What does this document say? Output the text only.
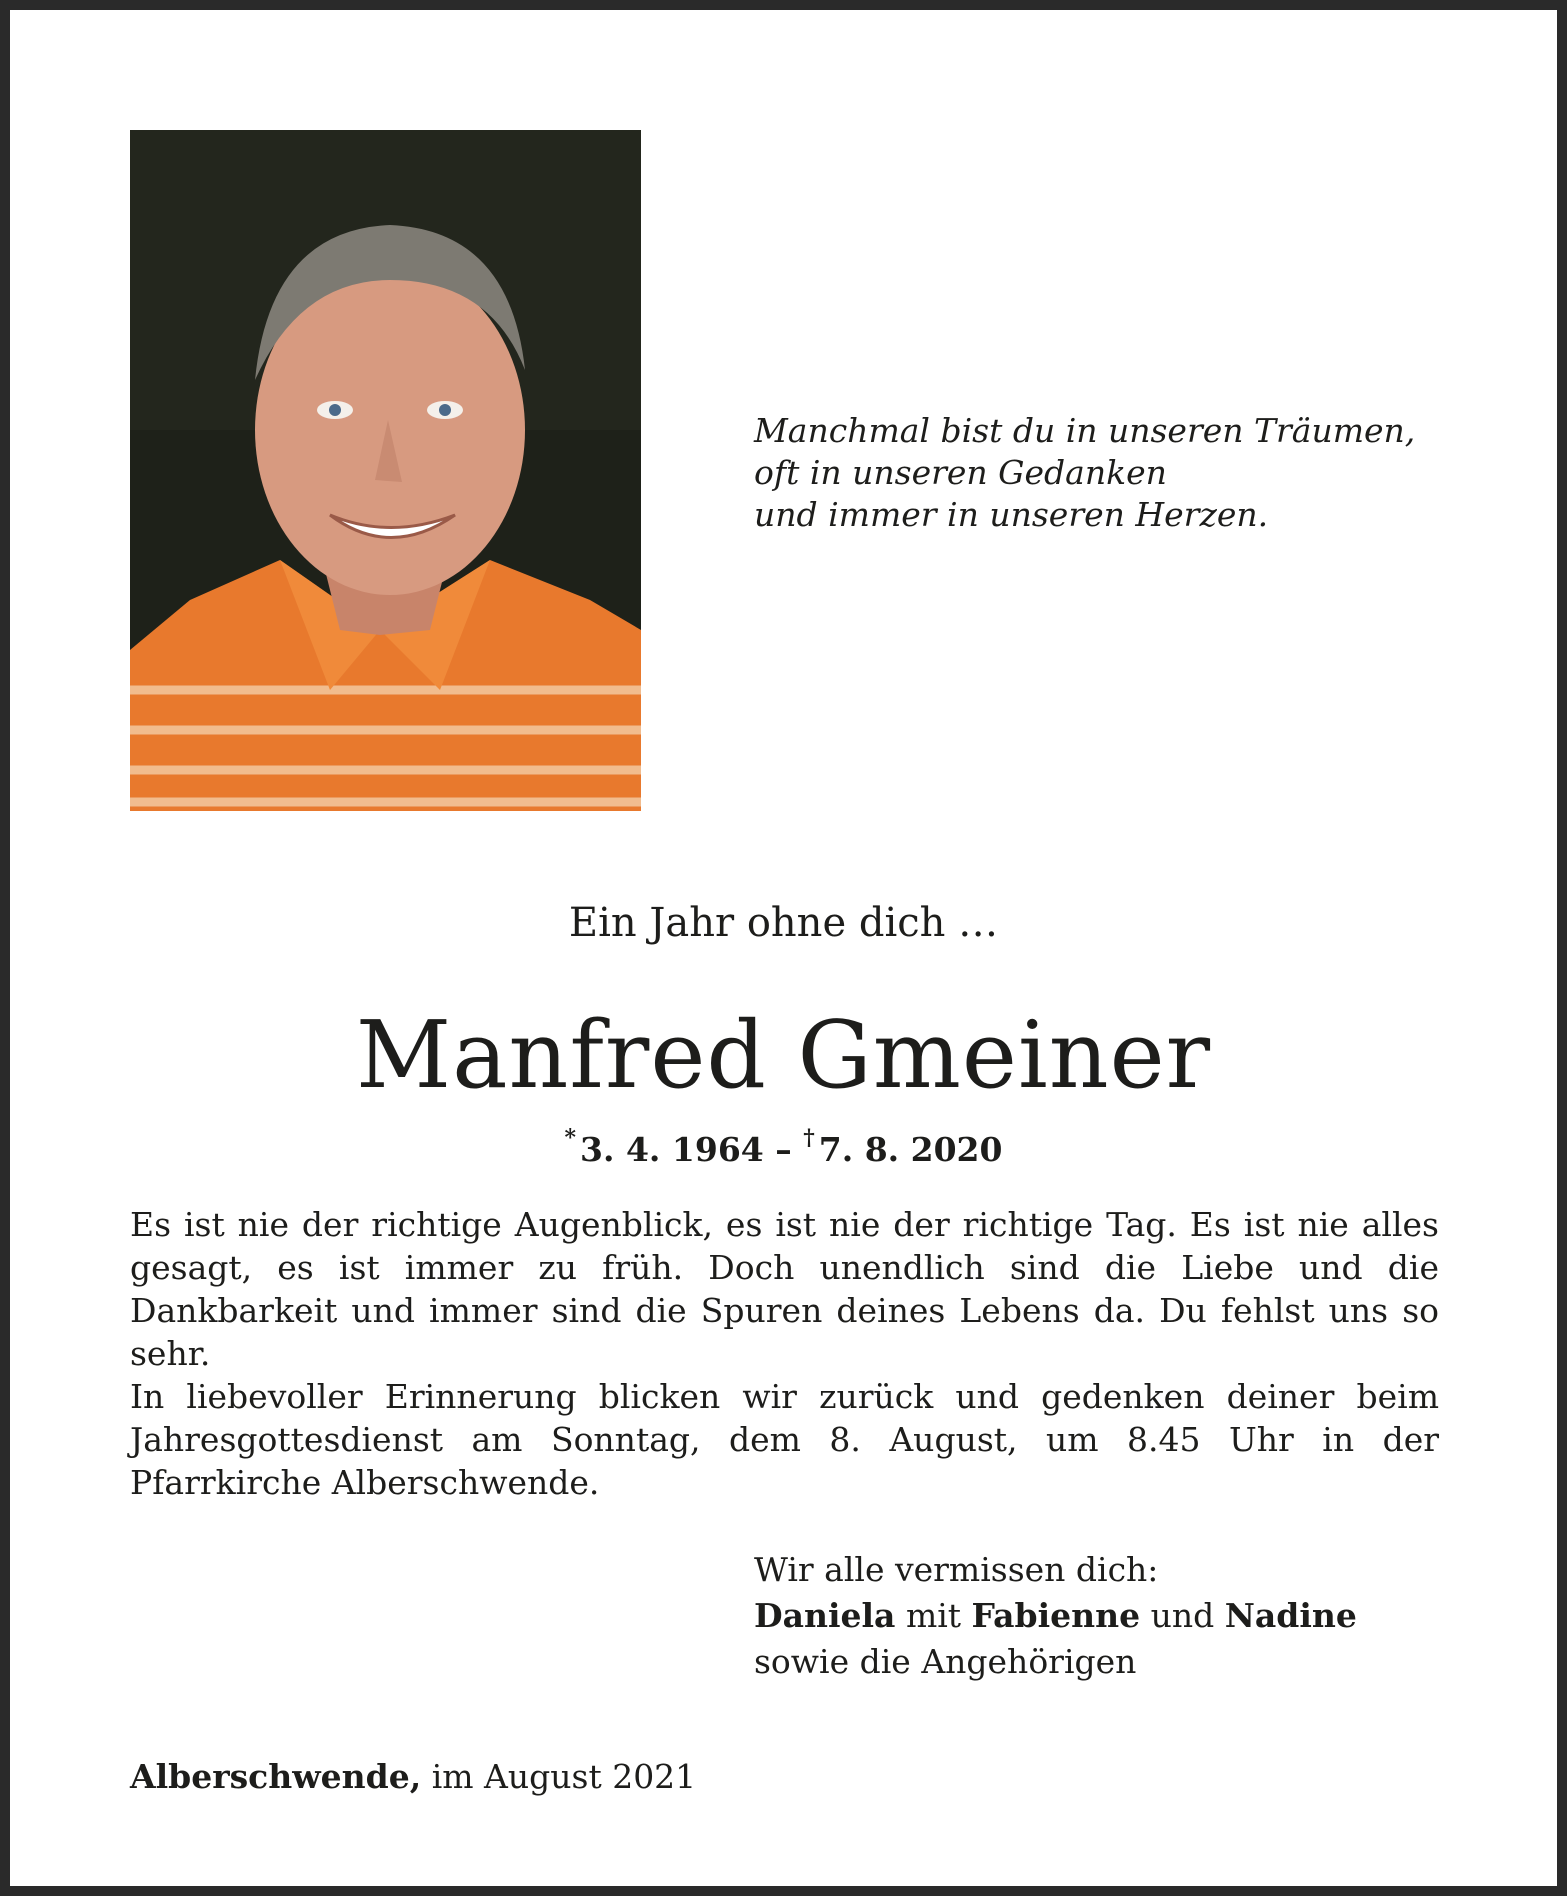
Manchmal bist du in unseren Träumen,
oft in unseren Gedanken
und immer in unseren Herzen.
Ein Jahr ohne dich …
Manfred Gmeiner
* 3. 4. 1964 – † 7. 8. 2020
Es ist nie der richtige Augenblick, es ist nie der richtige Tag. Es ist nie alles gesagt, es ist immer zu früh. Doch unendlich sind die Liebe und die Dankbarkeit und immer sind die Spuren deines Lebens da. Du fehlst uns so sehr.
In liebevoller Erinnerung blicken wir zurück und gedenken deiner beim Jahresgottesdienst am Sonntag, dem 8. August, um 8.45 Uhr in der Pfarrkirche Alberschwende.
Wir alle vermissen dich:
Daniela mit Fabienne und Nadine
sowie die Angehörigen
Alberschwende, im August 2021
